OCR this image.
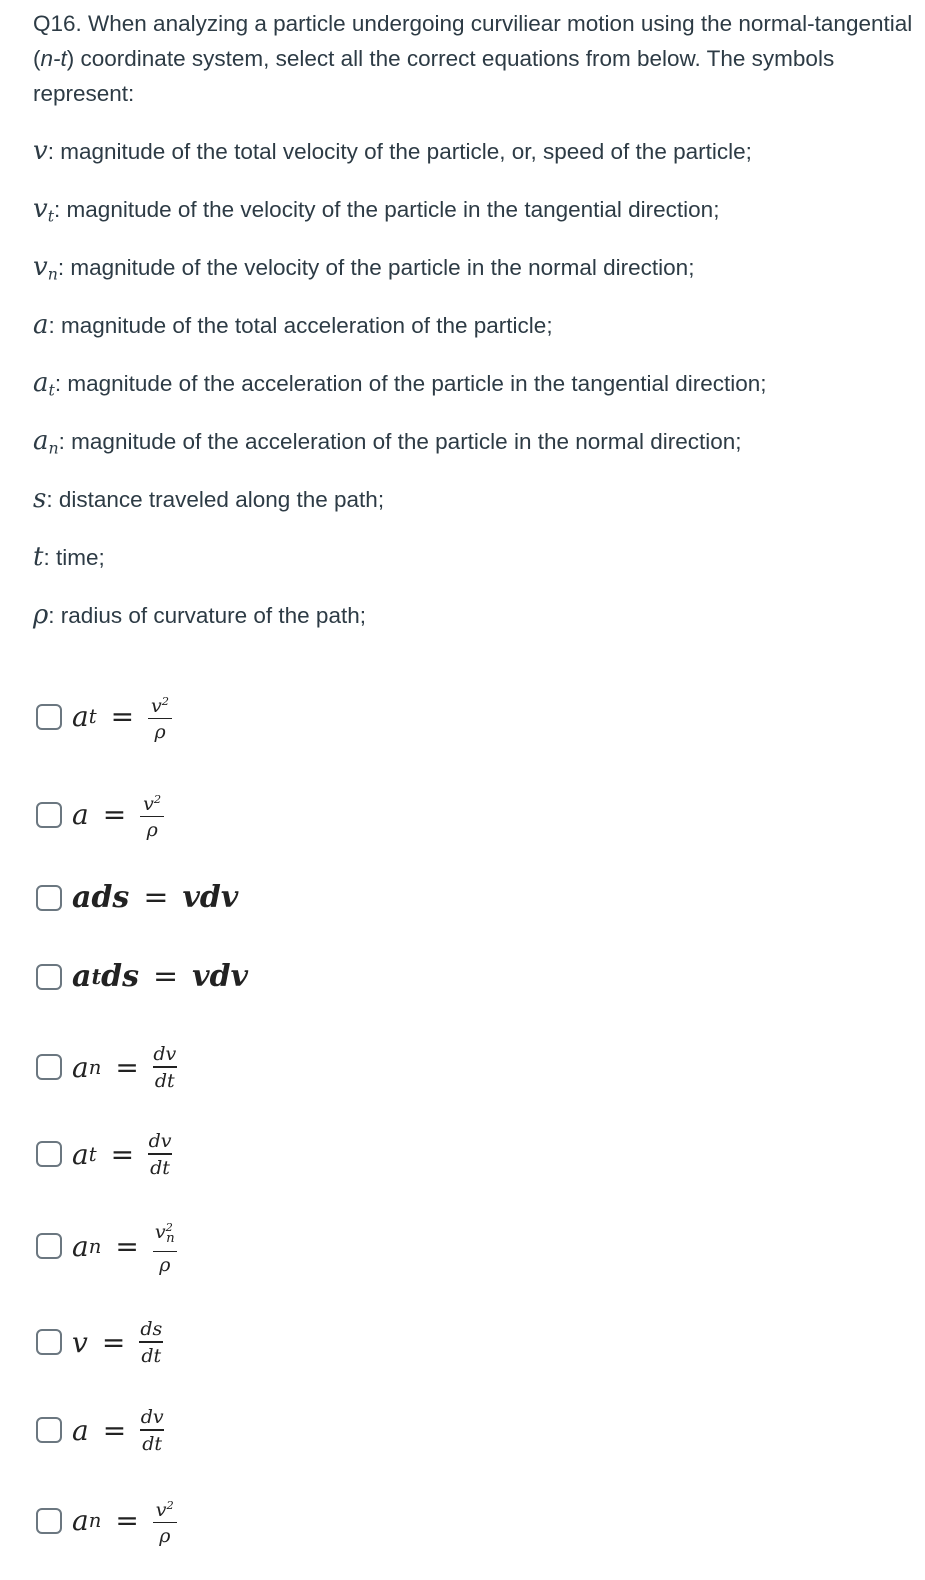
Q16. When analyzing a particle undergoing curviliear motion using the normal-tangential (n-t) coordinate system, select all the correct equations from below. The symbols represent:

v: magnitude of the total velocity of the particle, or, speed of the particle;
$v_t$: magnitude of the velocity of the particle in the tangential direction;
$v_n$: magnitude of the velocity of the particle in the normal direction;
a: magnitude of the total acceleration of the particle;
$a_t$: magnitude of the acceleration of the particle in the tangential direction;
$a_n$: magnitude of the acceleration of the particle in the normal direction;
s: distance traveled along the path;
t: time;
ρ: radius of curvature of the path;
a $t = \frac{v^2}{\rho}$
$a = \frac{v^2}{\rho}$
ads = vdv
a t ds = vdv
a $n = \frac{dv}{dt}$
a $t = \frac{dv}{dt}$
a $n = \frac{v^2_n}{\rho}$
$v = \frac{ds}{dt}$
$a = \frac{dv}{dt}$
a $n = \frac{v^2}{\rho}$
